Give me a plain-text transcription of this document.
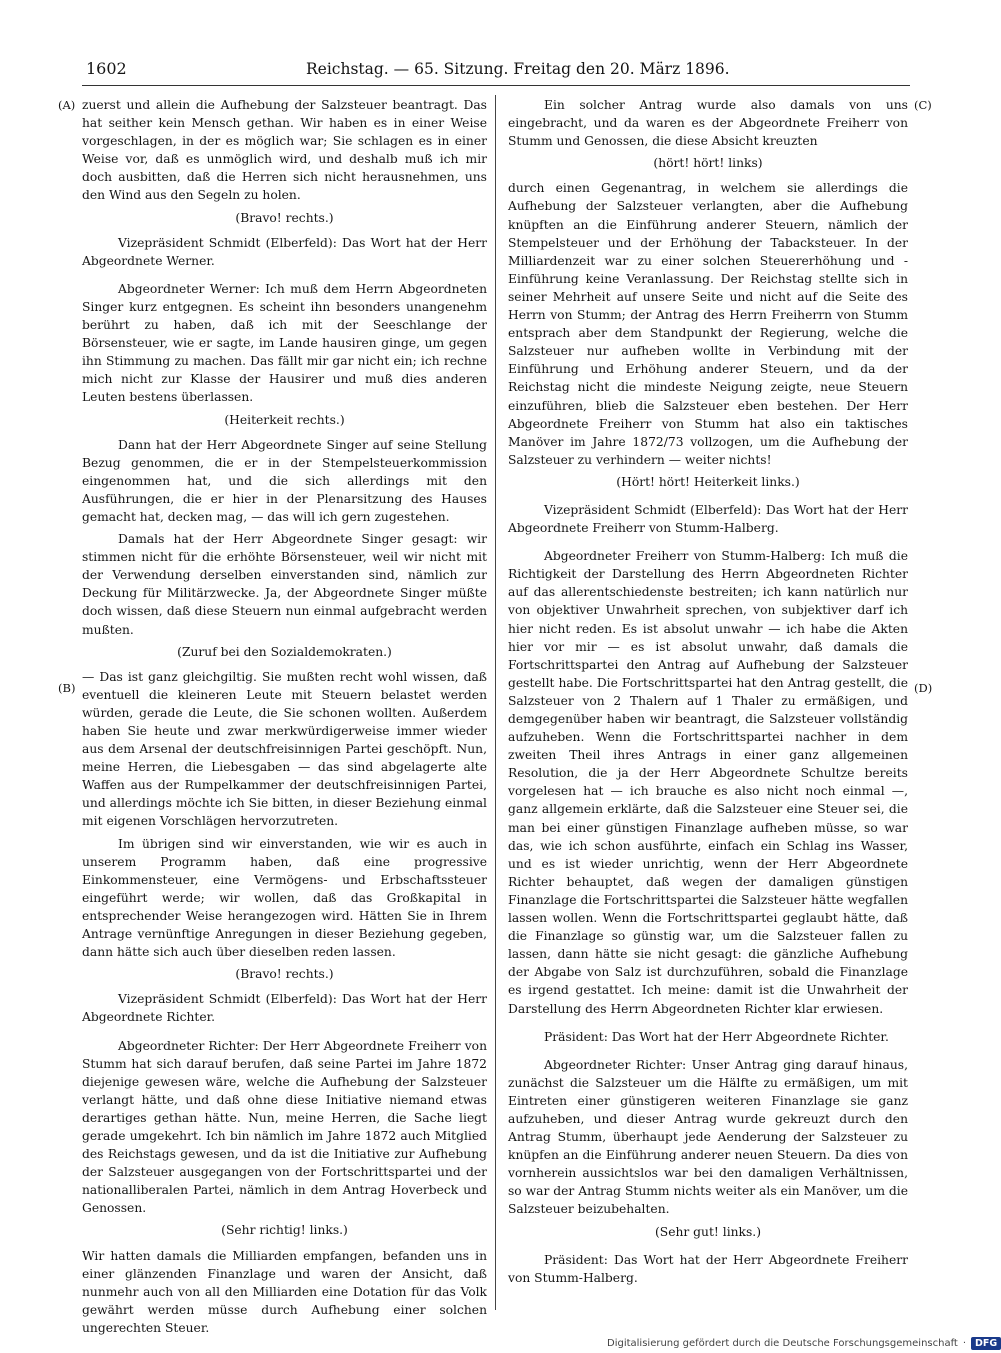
1602	Reichstag. — 65. Sitzung. Freitag den 20. März 1896.
(A)
(B)
(C)
(D)

zuerst und allein die Aufhebung der Salzsteuer beantragt. Das hat seither kein Mensch gethan. Wir haben es in einer Weise vorgeschlagen, in der es möglich war; Sie schlagen es in einer Weise vor, daß es unmöglich wird, und deshalb muß ich mir doch ausbitten, daß die Herren sich nicht herausnehmen, uns den Wind aus den Segeln zu holen.

(Bravo! rechts.)

Vizepräsident Schmidt (Elberfeld): Das Wort hat der Herr Abgeordnete Werner.

Abgeordneter Werner: Ich muß dem Herrn Abgeordneten Singer kurz entgegnen. Es scheint ihn besonders unangenehm berührt zu haben, daß ich mit der Seeschlange der Börsensteuer, wie er sagte, im Lande hausiren ginge, um gegen ihn Stimmung zu machen. Das fällt mir gar nicht ein; ich rechne mich nicht zur Klasse der Hausirer und muß dies anderen Leuten bestens überlassen.

(Heiterkeit rechts.)

Dann hat der Herr Abgeordnete Singer auf seine Stellung Bezug genommen, die er in der Stempelsteuerkommission eingenommen hat, und die sich allerdings mit den Ausführungen, die er hier in der Plenarsitzung des Hauses gemacht hat, decken mag, — das will ich gern zugestehen.

Damals hat der Herr Abgeordnete Singer gesagt: wir stimmen nicht für die erhöhte Börsensteuer, weil wir nicht mit der Verwendung derselben einverstanden sind, nämlich zur Deckung für Militärzwecke. Ja, der Abgeordnete Singer müßte doch wissen, daß diese Steuern nun einmal aufgebracht werden mußten.

(Zuruf bei den Sozialdemokraten.)

— Das ist ganz gleichgiltig. Sie mußten recht wohl wissen, daß eventuell die kleineren Leute mit Steuern belastet werden würden, gerade die Leute, die Sie schonen wollten. Außerdem haben Sie heute und zwar merkwürdigerweise immer wieder aus dem Arsenal der deutschfreisinnigen Partei geschöpft. Nun, meine Herren, die Liebesgaben — das sind abgelagerte alte Waffen aus der Rumpelkammer der deutschfreisinnigen Partei, und allerdings möchte ich Sie bitten, in dieser Beziehung einmal mit eigenen Vorschlägen hervorzutreten.

Im übrigen sind wir einverstanden, wie wir es auch in unserem Programm haben, daß eine progressive Einkommensteuer, eine Vermögens- und Erbschaftssteuer eingeführt werde; wir wollen, daß das Großkapital in entsprechender Weise herangezogen wird. Hätten Sie in Ihrem Antrage vernünftige Anregungen in dieser Beziehung gegeben, dann hätte sich auch über dieselben reden lassen.

(Bravo! rechts.)

Vizepräsident Schmidt (Elberfeld): Das Wort hat der Herr Abgeordnete Richter.

Abgeordneter Richter: Der Herr Abgeordnete Freiherr von Stumm hat sich darauf berufen, daß seine Partei im Jahre 1872 diejenige gewesen wäre, welche die Aufhebung der Salzsteuer verlangt hätte, und daß ohne diese Initiative niemand etwas derartiges gethan hätte. Nun, meine Herren, die Sache liegt gerade umgekehrt. Ich bin nämlich im Jahre 1872 auch Mitglied des Reichstags gewesen, und da ist die Initiative zur Aufhebung der Salzsteuer ausgegangen von der Fortschrittspartei und der nationalliberalen Partei, nämlich in dem Antrag Hoverbeck und Genossen.

(Sehr richtig! links.)

Wir hatten damals die Milliarden empfangen, befanden uns in einer glänzenden Finanzlage und waren der Ansicht, daß nunmehr auch von all den Milliarden eine Dotation für das Volk gewährt werden müsse durch Aufhebung einer solchen ungerechten Steuer.

Ein solcher Antrag wurde also damals von uns eingebracht, und da waren es der Abgeordnete Freiherr von Stumm und Genossen, die diese Absicht kreuzten

(hört! hört! links)

durch einen Gegenantrag, in welchem sie allerdings die Aufhebung der Salzsteuer verlangten, aber die Aufhebung knüpften an die Einführung anderer Steuern, nämlich der Stempelsteuer und der Erhöhung der Tabacksteuer. In der Milliardenzeit war zu einer solchen Steuererhöhung und -Einführung keine Veranlassung. Der Reichstag stellte sich in seiner Mehrheit auf unsere Seite und nicht auf die Seite des Herrn von Stumm; der Antrag des Herrn Freiherrn von Stumm entsprach aber dem Standpunkt der Regierung, welche die Salzsteuer nur aufheben wollte in Verbindung mit der Einführung und Erhöhung anderer Steuern, und da der Reichstag nicht die mindeste Neigung zeigte, neue Steuern einzuführen, blieb die Salzsteuer eben bestehen. Der Herr Abgeordnete Freiherr von Stumm hat also ein taktisches Manöver im Jahre 1872/73 vollzogen, um die Aufhebung der Salzsteuer zu verhindern — weiter nichts!

(Hört! hört! Heiterkeit links.)

Vizepräsident Schmidt (Elberfeld): Das Wort hat der Herr Abgeordnete Freiherr von Stumm-Halberg.

Abgeordneter Freiherr von Stumm-Halberg: Ich muß die Richtigkeit der Darstellung des Herrn Abgeordneten Richter auf das allerentschiedenste bestreiten; ich kann natürlich nur von objektiver Unwahrheit sprechen, von subjektiver darf ich hier nicht reden. Es ist absolut unwahr — ich habe die Akten hier vor mir — es ist absolut unwahr, daß damals die Fortschrittspartei den Antrag auf Aufhebung der Salzsteuer gestellt habe. Die Fortschrittspartei hat den Antrag gestellt, die Salzsteuer von 2 Thalern auf 1 Thaler zu ermäßigen, und demgegenüber haben wir beantragt, die Salzsteuer vollständig aufzuheben. Wenn die Fortschrittspartei nachher in dem zweiten Theil ihres Antrags in einer ganz allgemeinen Resolution, die ja der Herr Abgeordnete Schultze bereits vorgelesen hat — ich brauche es also nicht noch einmal —, ganz allgemein erklärte, daß die Salzsteuer eine Steuer sei, die man bei einer günstigen Finanzlage aufheben müsse, so war das, wie ich schon ausführte, einfach ein Schlag ins Wasser, und es ist wieder unrichtig, wenn der Herr Abgeordnete Richter behauptet, daß wegen der damaligen günstigen Finanzlage die Fortschrittspartei die Salzsteuer hätte wegfallen lassen wollen. Wenn die Fortschrittspartei geglaubt hätte, daß die Finanzlage so günstig war, um die Salzsteuer fallen zu lassen, dann hätte sie nicht gesagt: die gänzliche Aufhebung der Abgabe von Salz ist durchzuführen, sobald die Finanzlage es irgend gestattet. Ich meine: damit ist die Unwahrheit der Darstellung des Herrn Abgeordneten Richter klar erwiesen.

Präsident: Das Wort hat der Herr Abgeordnete Richter.

Abgeordneter Richter: Unser Antrag ging darauf hinaus, zunächst die Salzsteuer um die Hälfte zu ermäßigen, um mit Eintreten einer günstigeren weiteren Finanzlage sie ganz aufzuheben, und dieser Antrag wurde gekreuzt durch den Antrag Stumm, überhaupt jede Aenderung der Salzsteuer zu knüpfen an die Einführung anderer neuen Steuern. Da dies von vornherein aussichtslos war bei den damaligen Verhältnissen, so war der Antrag Stumm nichts weiter als ein Manöver, um die Salzsteuer beizubehalten.

(Sehr gut! links.)

Präsident: Das Wort hat der Herr Abgeordnete Freiherr von Stumm-Halberg.

Digitalisierung gefördert durch die Deutsche Forschungsgemeinschaft · DFG
